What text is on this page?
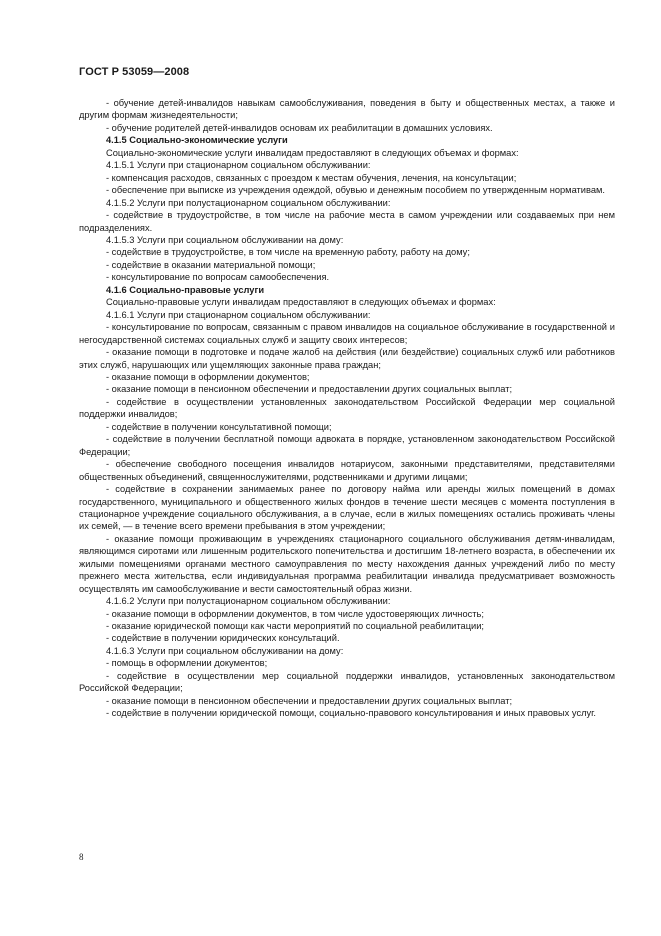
ГОСТ Р 53059—2008

- обучение детей-инвалидов навыкам самообслуживания, поведения в быту и общественных местах, а также и другим формам жизнедеятельности;

- обучение родителей детей-инвалидов основам их реабилитации в домашних условиях.

4.1.5 Социально-экономические услуги

Социально-экономические услуги инвалидам предоставляют в следующих объемах и формах:

4.1.5.1 Услуги при стационарном социальном обслуживании:

- компенсация расходов, связанных с проездом к местам обучения, лечения, на консультации;

- обеспечение при выписке из учреждения одеждой, обувью и денежным пособием по утвержденным нормативам.

4.1.5.2 Услуги при полустационарном социальном обслуживании:

- содействие в трудоустройстве, в том числе на рабочие места в самом учреждении или создаваемых при нем подразделениях.

4.1.5.3 Услуги при социальном обслуживании на дому:

- содействие в трудоустройстве, в том числе на временную работу, работу на дому;

- содействие в оказании материальной помощи;

- консультирование по вопросам самообеспечения.

4.1.6 Социально-правовые услуги

Социально-правовые услуги инвалидам предоставляют в следующих объемах и формах:

4.1.6.1 Услуги при стационарном социальном обслуживании:

- консультирование по вопросам, связанным с правом инвалидов на социальное обслуживание в государственной и негосударственной системах социальных служб и защиту своих интересов;

- оказание помощи в подготовке и подаче жалоб на действия (или бездействие) социальных служб или работников этих служб, нарушающих или ущемляющих законные права граждан;

- оказание помощи в оформлении документов;

- оказание помощи в пенсионном обеспечении и предоставлении других социальных выплат;

- содействие в осуществлении установленных законодательством Российской Федерации мер социальной поддержки инвалидов;

- содействие в получении консультативной помощи;

- содействие в получении бесплатной помощи адвоката в порядке, установленном законодательством Российской Федерации;

- обеспечение свободного посещения инвалидов нотариусом, законными представителями, представителями общественных объединений, священнослужителями, родственниками и другими лицами;

- содействие в сохранении занимаемых ранее по договору найма или аренды жилых помещений в домах государственного, муниципального и общественного жилых фондов в течение шести месяцев с момента поступления в стационарное учреждение социального обслуживания, а в случае, если в жилых помещениях остались проживать члены их семей, — в течение всего времени пребывания в этом учреждении;

- оказание помощи проживающим в учреждениях стационарного социального обслуживания детям-инвалидам, являющимся сиротами или лишенным родительского попечительства и достигшим 18-летнего возраста, в обеспечении их жилыми помещениями органами местного самоуправления по месту нахождения данных учреждений либо по месту прежнего места жительства, если индивидуальная программа реабилитации инвалида предусматривает возможность осуществлять им самообслуживание и вести самостоятельный образ жизни.

4.1.6.2 Услуги при полустационарном социальном обслуживании:

- оказание помощи в оформлении документов, в том числе удостоверяющих личность;

- оказание юридической помощи как части мероприятий по социальной реабилитации;

- содействие в получении юридических консультаций.

4.1.6.3 Услуги при социальном обслуживании на дому:

- помощь в оформлении документов;

- содействие в осуществлении мер социальной поддержки инвалидов, установленных законодательством Российской Федерации;

- оказание помощи в пенсионном обеспечении и предоставлении других социальных выплат;

- содействие в получении юридической помощи, социально-правового консультирования и иных правовых услуг.

8
